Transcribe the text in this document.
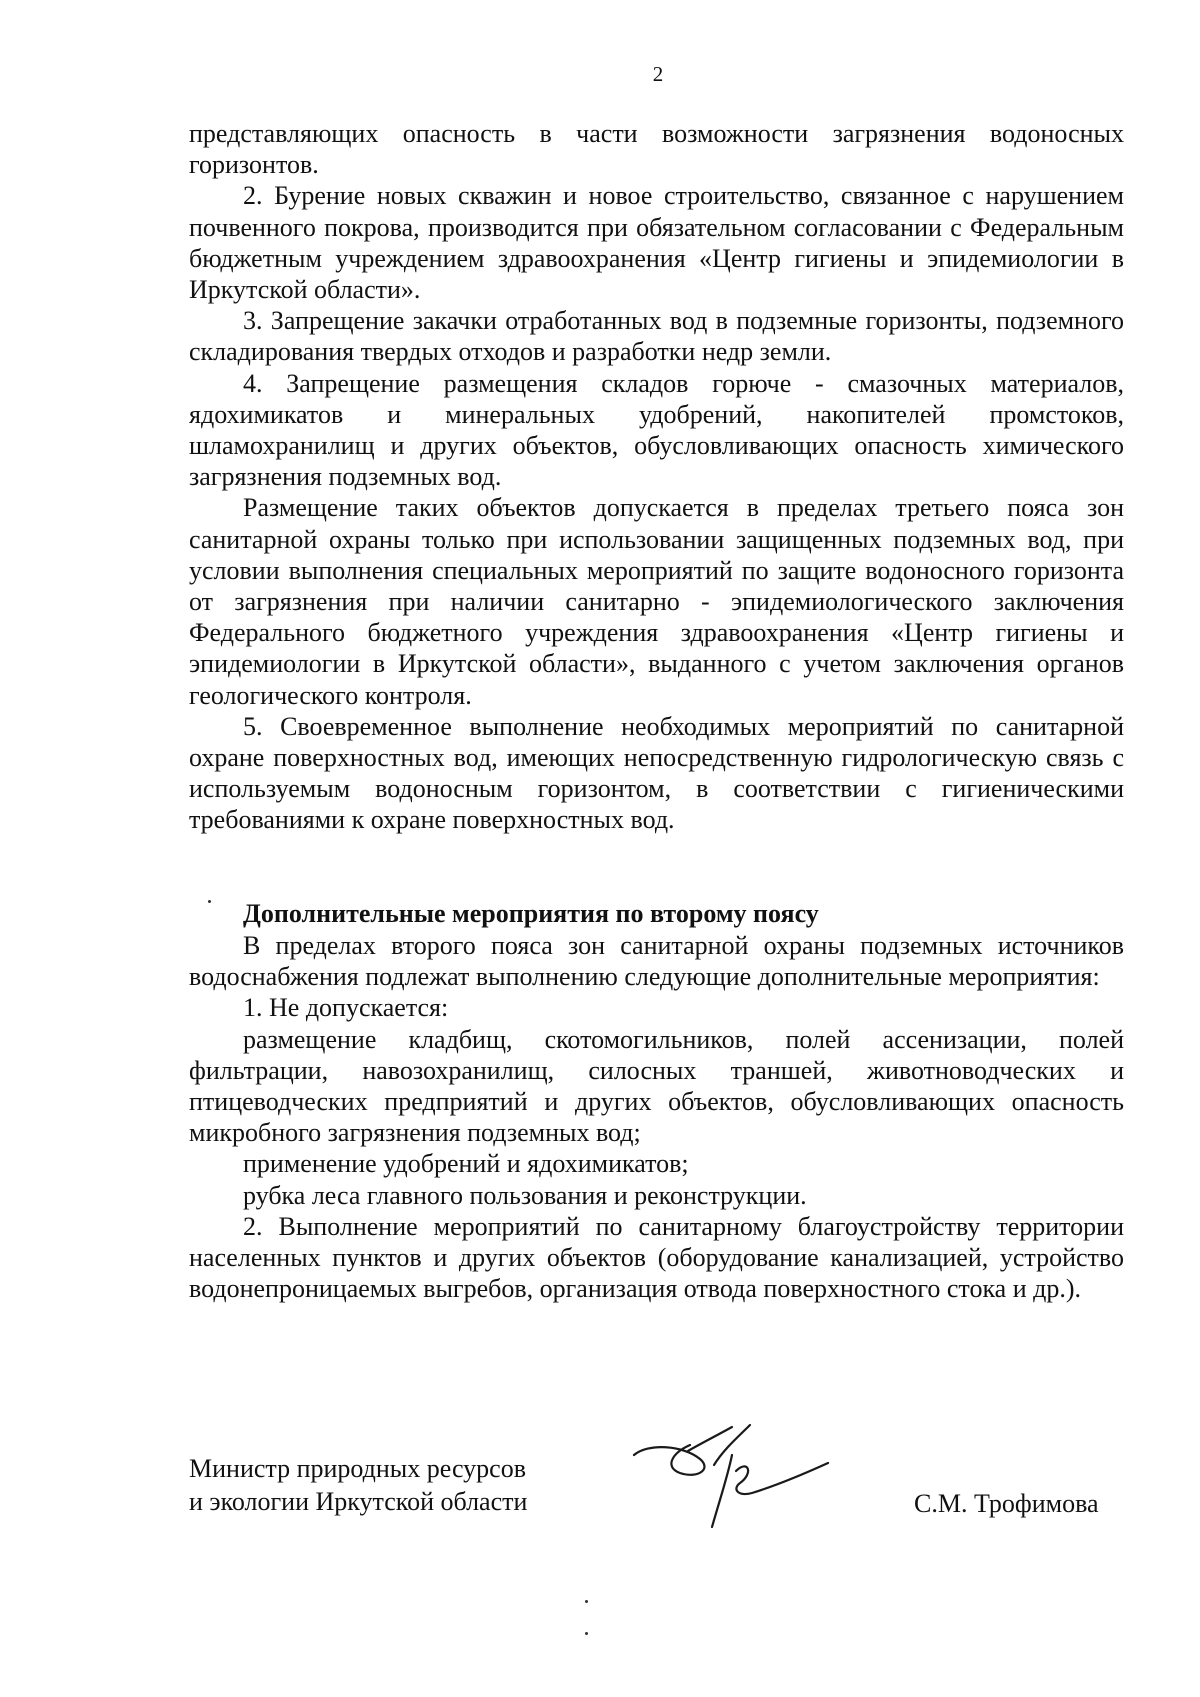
2

представляющих опасность в части возможности загрязнения водоносных горизонтов.

2. Бурение новых скважин и новое строительство, связанное с нарушением почвенного покрова, производится при обязательном согласовании с Федеральным бюджетным учреждением здравоохранения «Центр гигиены и эпидемиологии в Иркутской области».

3. Запрещение закачки отработанных вод в подземные горизонты, подземного складирования твердых отходов и разработки недр земли.

4. Запрещение размещения складов горюче - смазочных материалов, ядохимикатов и минеральных удобрений, накопителей промстоков, шламохранилищ и других объектов, обусловливающих опасность химического загрязнения подземных вод.

Размещение таких объектов допускается в пределах третьего пояса зон санитарной охраны только при использовании защищенных подземных вод, при условии выполнения специальных мероприятий по защите водоносного горизонта от загрязнения при наличии санитарно - эпидемиологического заключения Федерального бюджетного учреждения здравоохранения «Центр гигиены и эпидемиологии в Иркутской области», выданного с учетом заключения органов геологического контроля.

5. Своевременное выполнение необходимых мероприятий по санитарной охране поверхностных вод, имеющих непосредственную гидрологическую связь с используемым водоносным горизонтом, в соответствии с гигиеническими требованиями к охране поверхностных вод.

Дополнительные мероприятия по второму поясу

В пределах второго пояса зон санитарной охраны подземных источников водоснабжения подлежат выполнению следующие дополнительные мероприятия:

1. Не допускается:

размещение кладбищ, скотомогильников, полей ассенизации, полей фильтрации, навозохранилищ, силосных траншей, животноводческих и птицеводческих предприятий и других объектов, обусловливающих опасность микробного загрязнения подземных вод;

применение удобрений и ядохимикатов;

рубка леса главного пользования и реконструкции.

2. Выполнение мероприятий по санитарному благоустройству территории населенных пунктов и других объектов (оборудование канализацией, устройство водонепроницаемых выгребов, организация отвода поверхностного стока и др.).

Министр природных ресурсов
и экологии Иркутской области	С.М. Трофимова
